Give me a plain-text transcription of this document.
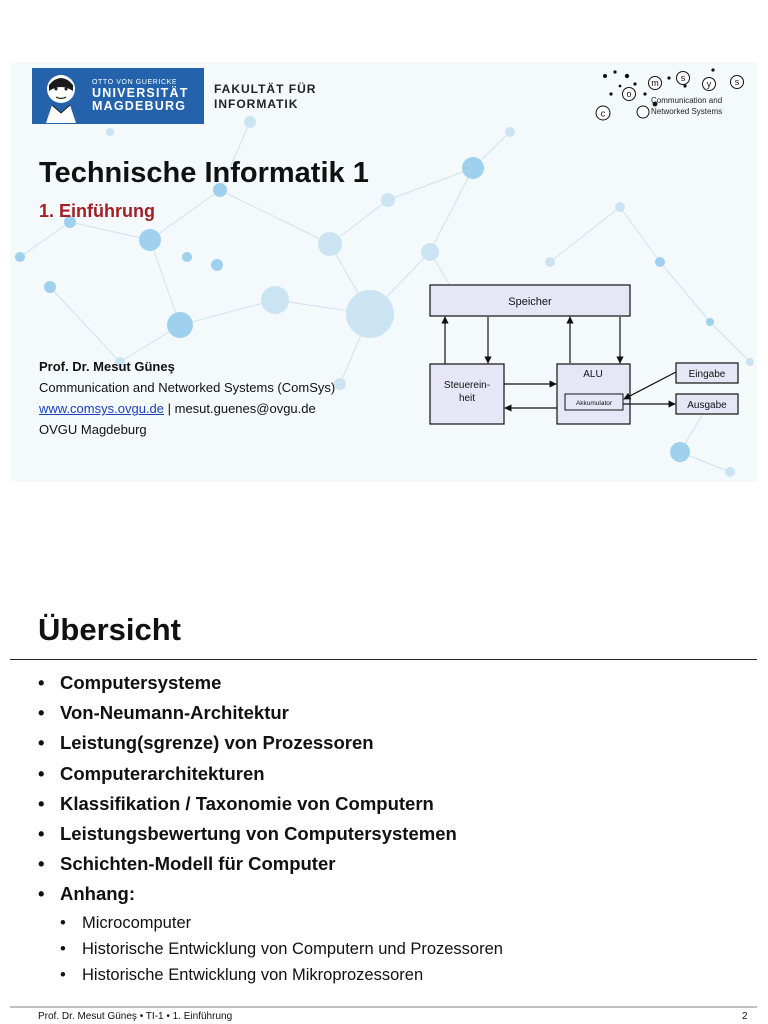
OTTO VON GUERICKE
UNIVERSITÄT
MAGDEBURG
FAKULTÄT FÜR
INFORMATIK
c
o
m s
y	s
Communication and
Networked Systems
Technische Informatik 1
1. Einführung
Prof. Dr. Mesut Güneş
Communication and Networked Systems (ComSys)
www.comsys.ovgu.de | mesut.guenes@ovgu.de
OVGU Magdeburg
Speicher
Steuerein-
heit
ALU
Akkumulator
Eingabe
Ausgabe
Übersicht
• Computersysteme
• Von-Neumann-Architektur
• Leistung(sgrenze) von Prozessoren
• Computerarchitekturen
• Klassifikation / Taxonomie von Computern
• Leistungsbewertung von Computersystemen
• Schichten-Modell für Computer
• Anhang:
• Microcomputer
• Historische Entwicklung von Computern und Prozessoren
• Historische Entwicklung von Mikroprozessoren
Prof. Dr. Mesut Güneş • TI-1 • 1. Einführung	2
